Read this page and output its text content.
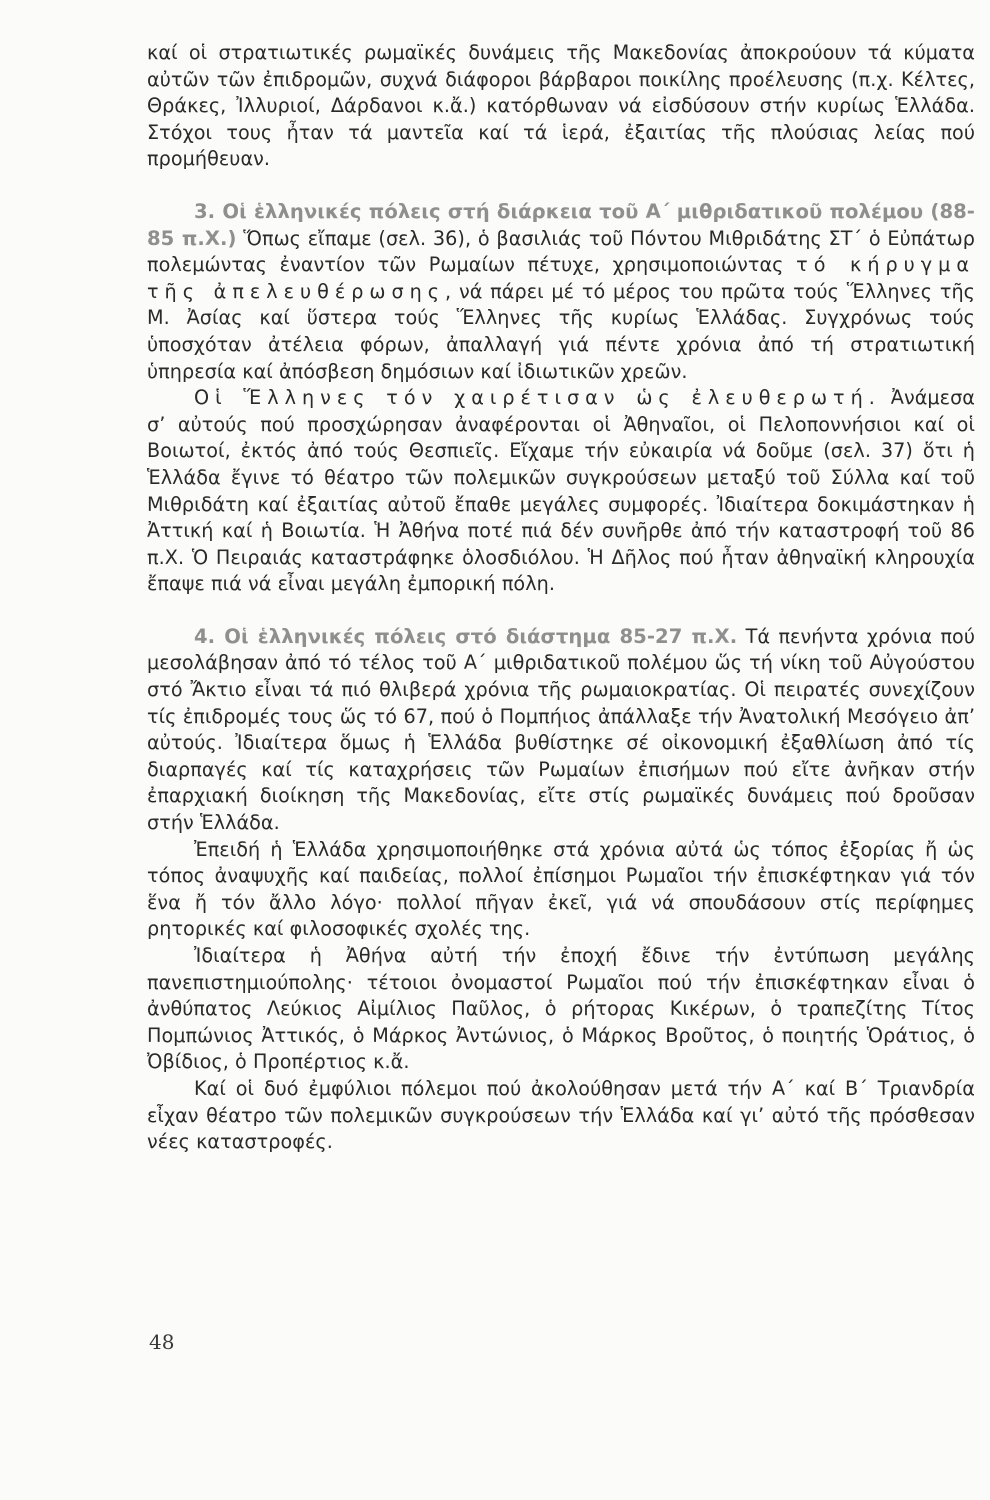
καί οἱ στρατιωτικές ρωμαϊκές δυνάμεις τῆς Μακεδονίας ἀποκρούουν τά κύματα αὐτῶν τῶν ἐπιδρομῶν, συχνά διάφοροι βάρβαροι ποικίλης προέλευσης (π.χ. Κέλτες, Θράκες, Ἰλλυριοί, Δάρδανοι κ.ἄ.) κατόρθωναν νά εἰσδύσουν στήν κυρίως Ἑλλάδα. Στόχοι τους ἦταν τά μαντεῖα καί τά ἱερά, ἐξαιτίας τῆς πλούσιας λείας πού προμήθευαν.

3. Οἱ ἑλληνικές πόλεις στή διάρκεια τοῦ Α΄ μιθριδατικοῦ πολέμου (88-85 π.Χ.) Ὅπως εἴπαμε (σελ. 36), ὁ βασιλιάς τοῦ Πόντου Μιθριδάτης ΣΤ΄ ὁ Εὐπάτωρ πολεμώντας ἐναντίον τῶν Ρωμαίων πέτυχε, χρησιμοποιώντας τό κήρυγμα τῆς ἀπελευθέρωσης, νά πάρει μέ τό μέρος του πρῶτα τούς Ἕλληνες τῆς Μ. Ἀσίας καί ὕστερα τούς Ἕλληνες τῆς κυρίως Ἑλλάδας. Συγχρόνως τούς ὑποσχόταν ἀτέλεια φόρων, ἀπαλλαγή γιά πέντε χρόνια ἀπό τή στρατιωτική ὑπηρεσία καί ἀπόσβεση δημόσιων καί ἰδιωτικῶν χρεῶν.

Οἱ Ἕλληνες τόν χαιρέτισαν ὡς ἐλευθερωτή. Ἀνάμεσα σ’ αὐτούς πού προσχώρησαν ἀναφέρονται οἱ Ἀθηναῖοι, οἱ Πελοποννήσιοι καί οἱ Βοιωτοί, ἐκτός ἀπό τούς Θεσπιεῖς. Εἴχαμε τήν εὐκαιρία νά δοῦμε (σελ. 37) ὅτι ἡ Ἑλλάδα ἔγινε τό θέατρο τῶν πολεμικῶν συγκρούσεων μεταξύ τοῦ Σύλλα καί τοῦ Μιθριδάτη καί ἐξαιτίας αὐτοῦ ἔπαθε μεγάλες συμφορές. Ἰδιαίτερα δοκιμάστηκαν ἡ Ἀττική καί ἡ Βοιωτία. Ἡ Ἀθήνα ποτέ πιά δέν συνῆρθε ἀπό τήν καταστροφή τοῦ 86 π.Χ. Ὁ Πειραιάς καταστράφηκε ὁλοσδιόλου. Ἡ Δῆλος πού ἦταν ἀθηναϊκή κληρουχία ἔπαψε πιά νά εἶναι μεγάλη ἐμπορική πόλη.

4. Οἱ ἑλληνικές πόλεις στό διάστημα 85-27 π.Χ. Τά πενήντα χρόνια πού μεσολάβησαν ἀπό τό τέλος τοῦ Α΄ μιθριδατικοῦ πολέμου ὥς τή νίκη τοῦ Αὐγούστου στό Ἄκτιο εἶναι τά πιό θλιβερά χρόνια τῆς ρωμαιοκρατίας. Οἱ πειρατές συνεχίζουν τίς ἐπιδρομές τους ὥς τό 67, πού ὁ Πομπήιος ἀπάλλαξε τήν Ἀνατολική Μεσόγειο ἀπ’ αὐτούς. Ἰδιαίτερα ὅμως ἡ Ἑλλάδα βυθίστηκε σέ οἰκονομική ἐξαθλίωση ἀπό τίς διαρπαγές καί τίς καταχρήσεις τῶν Ρωμαίων ἐπισήμων πού εἴτε ἀνῆκαν στήν ἐπαρχιακή διοίκηση τῆς Μακεδονίας, εἴτε στίς ρωμαϊκές δυνάμεις πού δροῦσαν στήν Ἑλλάδα.

Ἐπειδή ἡ Ἑλλάδα χρησιμοποιήθηκε στά χρόνια αὐτά ὡς τόπος ἐξορίας ἤ ὡς τόπος ἀναψυχῆς καί παιδείας, πολλοί ἐπίσημοι Ρωμαῖοι τήν ἐπισκέφτηκαν γιά τόν ἕνα ἤ τόν ἄλλο λόγο· πολλοί πῆγαν ἐκεῖ, γιά νά σπουδάσουν στίς περίφημες ρητορικές καί φιλοσοφικές σχολές της.

Ἰδιαίτερα ἡ Ἀθήνα αὐτή τήν ἐποχή ἔδινε τήν ἐντύπωση μεγάλης πανεπιστημιούπολης· τέτοιοι ὀνομαστοί Ρωμαῖοι πού τήν ἐπισκέφτηκαν εἶναι ὁ ἀνθύπατος Λεύκιος Αἰμίλιος Παῦλος, ὁ ρήτορας Κικέρων, ὁ τραπεζίτης Τίτος Πομπώνιος Ἀττικός, ὁ Μάρκος Ἀντώνιος, ὁ Μάρκος Βροῦτος, ὁ ποιητής Ὁράτιος, ὁ Ὀβίδιος, ὁ Προπέρτιος κ.ἄ.

Καί οἱ δυό ἐμφύλιοι πόλεμοι πού ἀκολούθησαν μετά τήν Α΄ καί Β΄ Τριανδρία εἶχαν θέατρο τῶν πολεμικῶν συγκρούσεων τήν Ἑλλάδα καί γι’ αὐτό τῆς πρόσθεσαν νέες καταστροφές.

48
